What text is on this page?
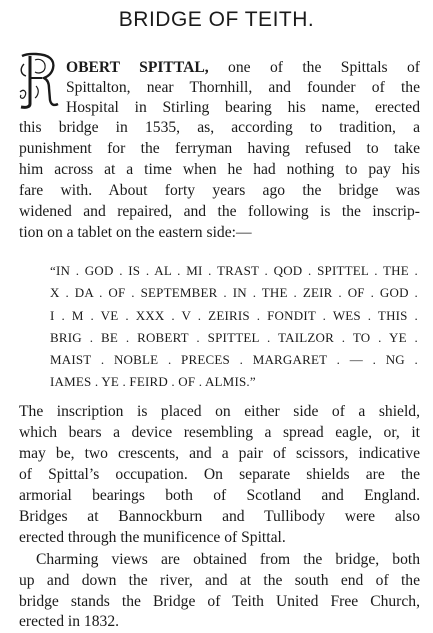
BRIDGE OF TEITH.
OBERT SPITTAL, one of the Spittals of
Spittalton, near Thornhill, and founder of the
Hospital in Stirling bearing his name, erected
this bridge in 1535, as, according to tradition, a
punishment for the ferryman having refused to take
him across at a time when he had nothing to pay his
fare with. About forty years ago the bridge was
widened and repaired, and the following is the inscrip-
tion on a tablet on the eastern side:—
“IN . GOD . IS . AL . MI . TRAST . QOD . SPITTEL . THE .
X . DA . OF . SEPTEMBER . IN . THE . ZEIR . OF . GOD .
I . M . VE . XXX . V . ZEIRIS . FONDIT . WES . THIS .
BRIG . BE . ROBERT . SPITTEL . TAILZOR . TO . YE .
MAIST . NOBLE . PRECES . MARGARET . — . NG .
IAMES . YE . FEIRD . OF . ALMIS.”
The inscription is placed on either side of a shield,
which bears a device resembling a spread eagle, or, it
may be, two crescents, and a pair of scissors, indicative
of Spittal’s occupation. On separate shields are the
armorial bearings both of Scotland and England.
Bridges at Bannockburn and Tullibody were also
erected through the munificence of Spittal.
Charming views are obtained from the bridge, both
up and down the river, and at the south end of the
bridge stands the Bridge of Teith United Free Church,
erected in 1832.
